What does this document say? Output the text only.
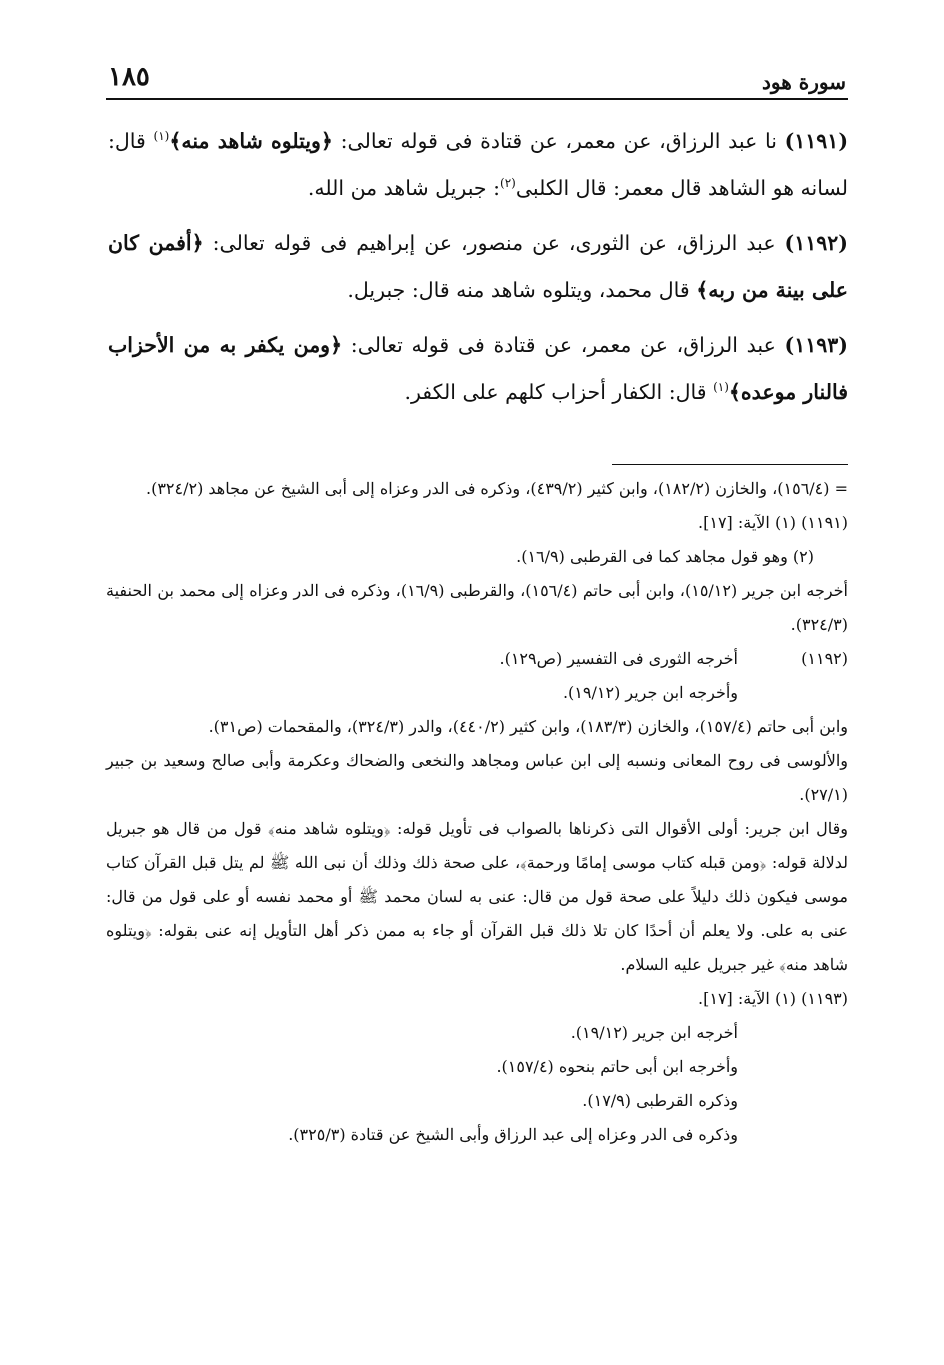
سورة هود
١٨٥

(١١٩١) نا عبد الرزاق، عن معمر، عن قتادة فى قوله تعالى: ﴿ويتلوه شاهد منه﴾$^{(١)}$ قال: لسانه هو الشاهد قال معمر: قال الكلبى$^{(٢)}$: جبريل شاهد من الله.

(١١٩٢) عبد الرزاق، عن الثورى، عن منصور، عن إبراهيم فى قوله تعالى: ﴿أفمن كان على بينة من ربه﴾ قال محمد، ويتلوه شاهد منه قال: جبريل.

(١١٩٣) عبد الرزاق، عن معمر، عن قتادة فى قوله تعالى: ﴿ومن يكفر به من الأحزاب فالنار موعده﴾$^{(١)}$ قال: الكفار أحزاب كلهم على الكفر.

= (١٥٦/٤)، والخازن (١٨٢/٢)، وابن كثير (٤٣٩/٢)، وذكره فى الدر وعزاه إلى أبى الشيخ عن مجاهد (٣٢٤/٢).

(١١٩١) (١) الآية: [١٧].

(٢) وهو قول مجاهد كما فى القرطبى (١٦/٩).

أخرجه ابن جرير (١٥/١٢)، وابن أبى حاتم (١٥٦/٤)، والقرطبى (١٦/٩)، وذكره فى الدر وعزاه إلى محمد بن الحنفية (٣٢٤/٣).

(١١٩٢)
أخرجه الثورى فى التفسير (ص١٢٩).

وأخرجه ابن جرير (١٩/١٢).

وابن أبى حاتم (١٥٧/٤)، والخازن (١٨٣/٣)، وابن كثير (٤٤٠/٢)، والدر (٣٢٤/٣)، والمقحمات (ص٣١).

والألوسى فى روح المعانى ونسبه إلى ابن عباس ومجاهد والنخعى والضحاك وعكرمة وأبى صالح وسعيد بن جبير (٢٧/١).

وقال ابن جرير: أولى الأقوال التى ذكرناها بالصواب فى تأويل قوله: ﴿ويتلوه شاهد منه﴾ قول من قال هو جبريل لدلالة قوله: ﴿ومن قبله كتاب موسى إمامًا ورحمة﴾، على صحة ذلك وذلك أن نبى الله ﷺ لم يتل قبل القرآن كتاب موسى فيكون ذلك دليلاً على صحة قول من قال: عنى به لسان محمد ﷺ أو محمد نفسه أو على قول من قال: عنى به على. ولا يعلم أن أحدًا كان تلا ذلك قبل القرآن أو جاء به ممن ذكر أهل التأويل إنه عنى بقوله: ﴿ويتلوه شاهد منه﴾ غير جبريل عليه السلام.

(١١٩٣) (١) الآية: [١٧].

أخرجه ابن جرير (١٩/١٢).

وأخرجه ابن أبى حاتم بنحوه (١٥٧/٤).

وذكره القرطبى (١٧/٩).

وذكره فى الدر وعزاه إلى عبد الرزاق وأبى الشيخ عن قتادة (٣٢٥/٣).
